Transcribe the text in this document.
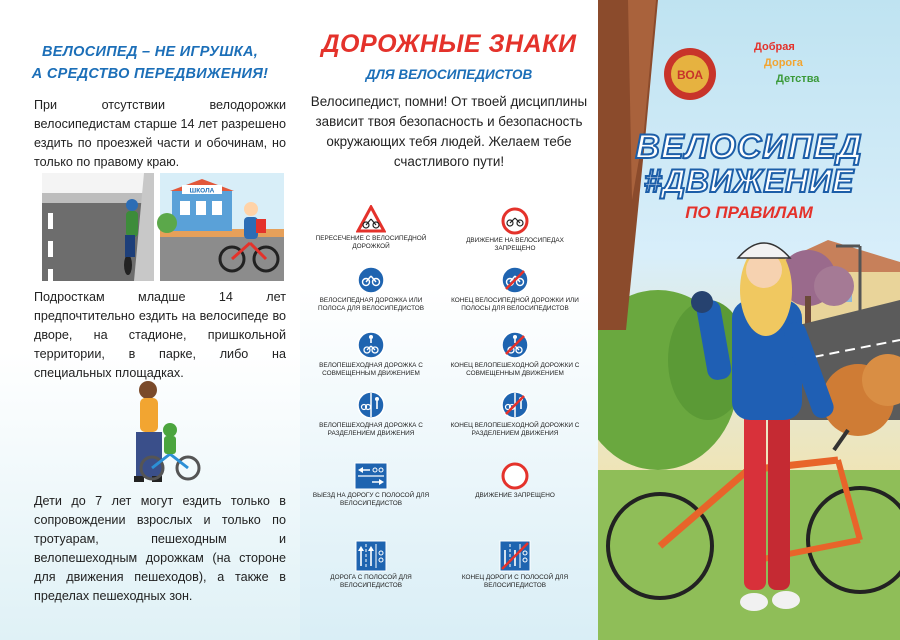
ВЕЛОСИПЕД – НЕ ИГРУШКА,
А СРЕДСТВО ПЕРЕДВИЖЕНИЯ!
При отсутствии велодорожки велосипедистам старше 14 лет разрешено ездить по проезжей части и обочинам, но только по правому краю.
ШКОЛА
Подросткам младше 14 лет предпочтительно ездить на велосипеде во дворе, на стадионе, пришкольной территории, в парке, либо на специальных площадках.
Дети до 7 лет могут ездить только в сопровождении взрослых и только по тротуарам, пешеходным и велопешеходным дорожкам (на стороне для движения пешеходов), а также в пределах пешеходных зон.
ДОРОЖНЫЕ ЗНАКИ
ДЛЯ ВЕЛОСИПЕДИСТОВ
Велосипедист, помни! От твоей дисциплины зависит твоя безопасность и безопасность окружающих тебя людей. Желаем тебе счастливого пути!
ПЕРЕСЕЧЕНИЕ С ВЕЛОСИПЕДНОЙ ДОРОЖКОЙ
ДВИЖЕНИЕ НА ВЕЛОСИПЕДАХ ЗАПРЕЩЕНО
ВЕЛОСИПЕДНАЯ ДОРОЖКА ИЛИ ПОЛОСА ДЛЯ ВЕЛОСИПЕДИСТОВ
КОНЕЦ ВЕЛОСИПЕДНОЙ ДОРОЖКИ ИЛИ ПОЛОСЫ ДЛЯ ВЕЛОСИПЕДИСТОВ
ВЕЛОПЕШЕХОДНАЯ ДОРОЖКА С СОВМЕЩЕННЫМ ДВИЖЕНИЕМ
КОНЕЦ ВЕЛОПЕШЕХОДНОЙ ДОРОЖКИ С СОВМЕЩЕННЫМ ДВИЖЕНИЕМ
ВЕЛОПЕШЕХОДНАЯ ДОРОЖКА С РАЗДЕЛЕНИЕМ ДВИЖЕНИЯ
КОНЕЦ ВЕЛОПЕШЕХОДНОЙ ДОРОЖКИ С РАЗДЕЛЕНИЕМ ДВИЖЕНИЯ
ВЫЕЗД НА ДОРОГУ С ПОЛОСОЙ ДЛЯ ВЕЛОСИПЕДИСТОВ
ДВИЖЕНИЕ ЗАПРЕЩЕНО
ДОРОГА С ПОЛОСОЙ ДЛЯ ВЕЛОСИПЕДИСТОВ
КОНЕЦ ДОРОГИ С ПОЛОСОЙ ДЛЯ ВЕЛОСИПЕДИСТОВ
ВОА
Добрая
Дорога
Детства
ВЕЛОСИПЕД
#ДВИЖЕНИЕ
ПО ПРАВИЛАМ
